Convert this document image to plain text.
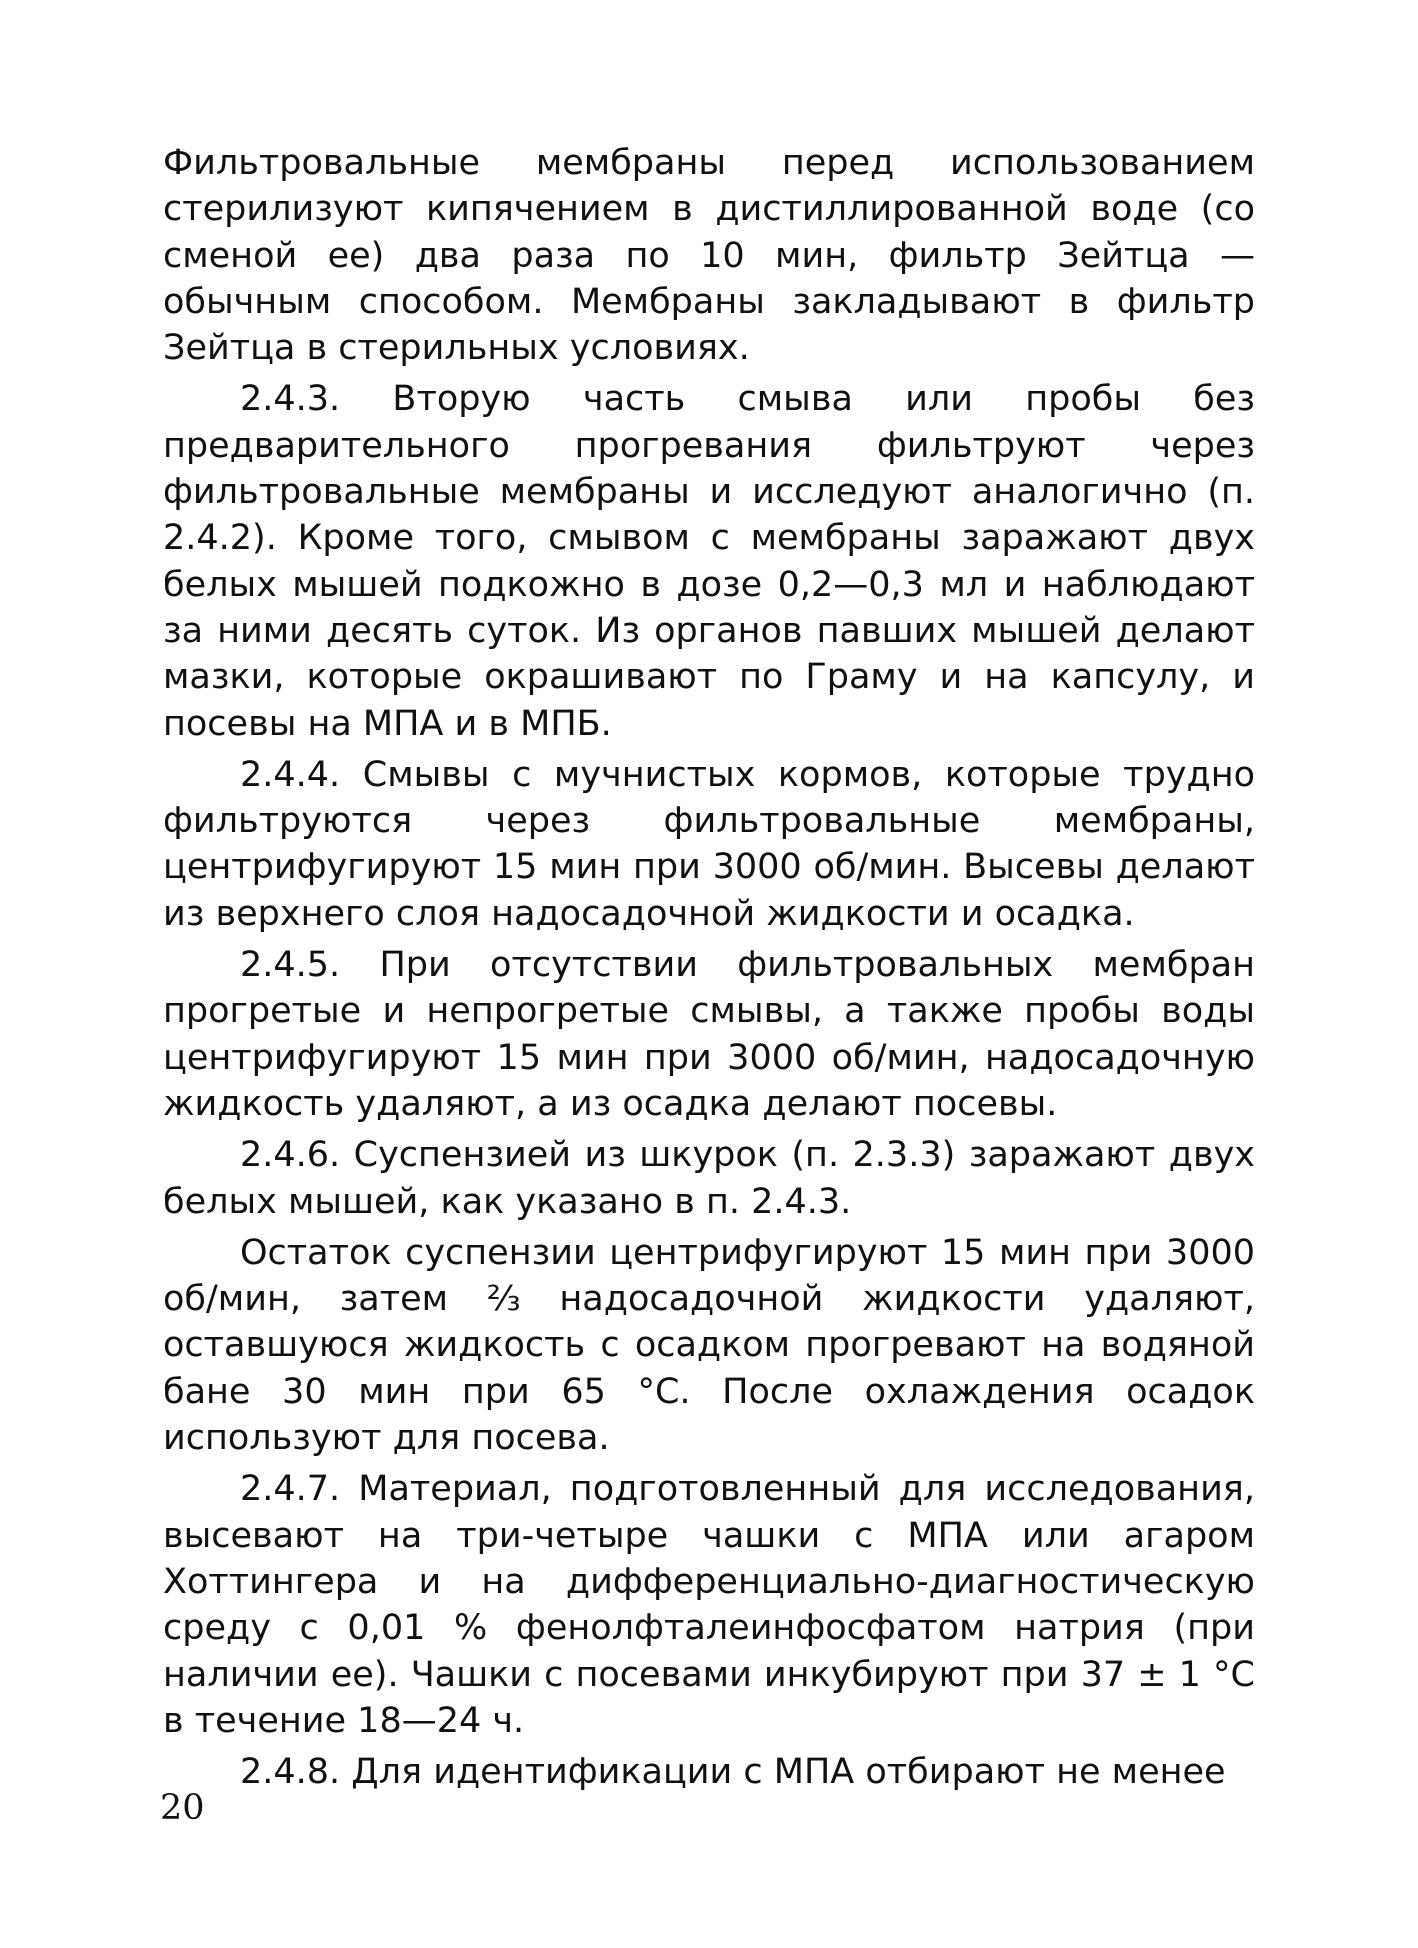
Фильтровальные мембраны перед использованием стерилизуют кипячением в дистиллированной воде (со сменой ее) два раза по 10 мин, фильтр Зейтца — обычным способом. Мембраны закладывают в фильтр Зейтца в стерильных условиях.

2.4.3. Вторую часть смыва или пробы без предварительного прогревания фильтруют через фильтровальные мембраны и исследуют аналогично (п. 2.4.2). Кроме того, смывом с мембраны заражают двух белых мышей подкожно в дозе 0,2—0,3 мл и наблюдают за ними десять суток. Из органов павших мышей делают мазки, которые окрашивают по Граму и на капсулу, и посевы на МПА и в МПБ.

2.4.4. Смывы с мучнистых кормов, которые трудно фильтруются через фильтровальные мембраны, центрифугируют 15 мин при 3000 об/мин. Высевы делают из верхнего слоя надосадочной жидкости и осадка.

2.4.5. При отсутствии фильтровальных мембран прогретые и непрогретые смывы, а также пробы воды центрифугируют 15 мин при 3000 об/мин, надосадочную жидкость удаляют, а из осадка делают посевы.

2.4.6. Суспензией из шкурок (п. 2.3.3) заражают двух белых мышей, как указано в п. 2.4.3.

Остаток суспензии центрифугируют 15 мин при 3000 об/мин, затем ⅔ надосадочной жидкости удаляют, оставшуюся жидкость с осадком прогревают на водяной бане 30 мин при 65 °С. После охлаждения осадок используют для посева.

2.4.7. Материал, подготовленный для исследования, высевают на три-четыре чашки с МПА или агаром Хоттингера и на дифференциально-диагностическую среду с 0,01 % фенолфталеинфосфатом натрия (при наличии ее). Чашки с посевами инкубируют при 37 ± 1 °С в течение 18—24 ч.

2.4.8. Для идентификации с МПА отбирают не менее

20
